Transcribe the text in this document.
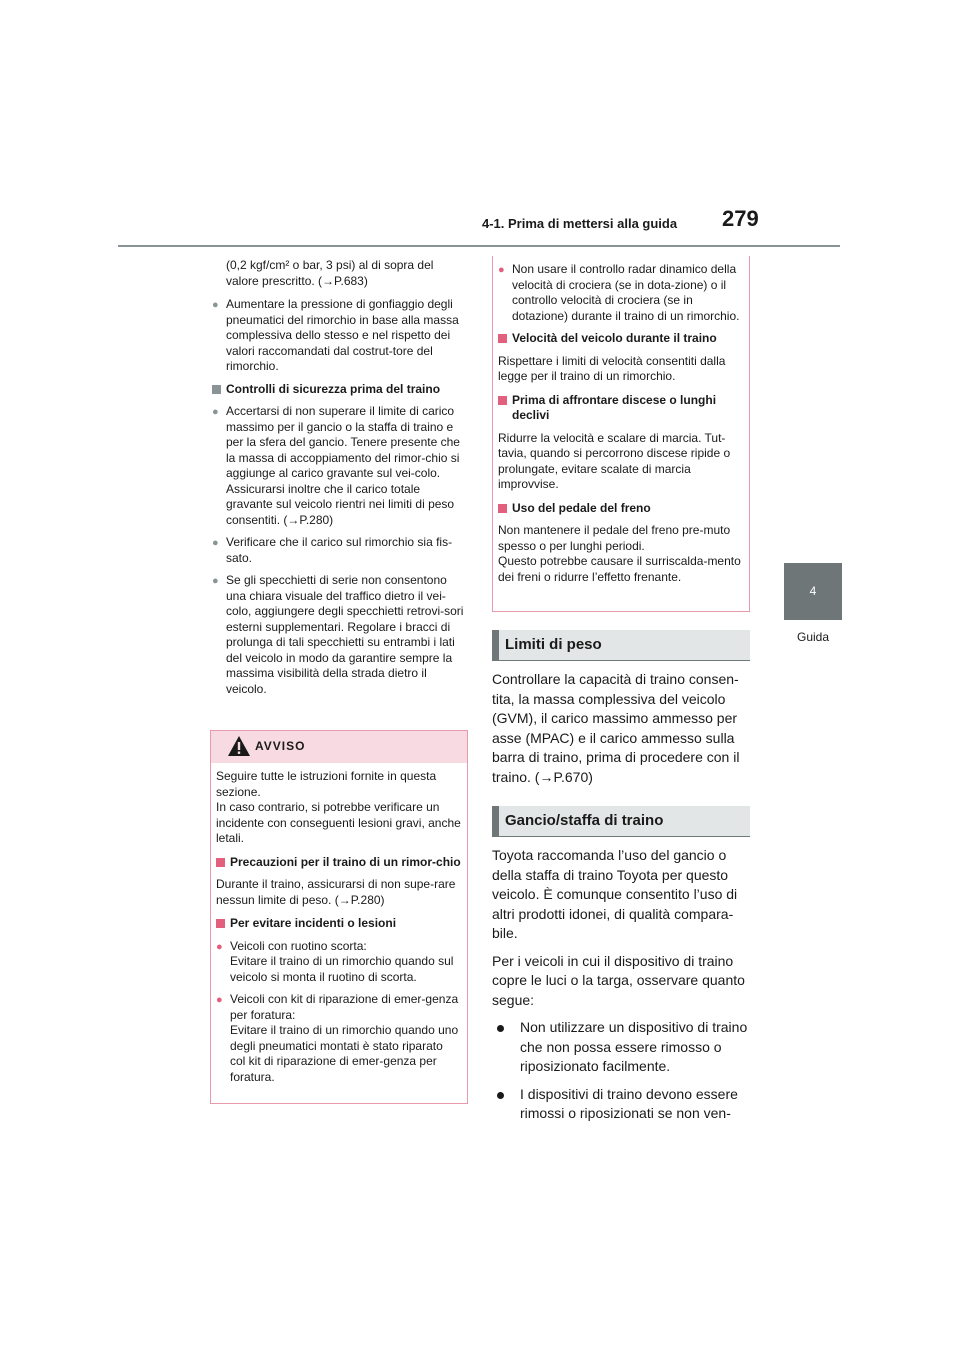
4-1. Prima di mettersi alla guida 279
4
Guida

(0,2 kgf/cm² o bar, 3 psi) al di sopra del valore prescritto. (→P.683)

● Aumentare la pressione di gonfiaggio degli pneumatici del rimorchio in base alla massa complessiva dello stesso e nel rispetto dei valori raccomandati dal costrut-tore del rimorchio.
Controlli di sicurezza prima del traino
● Accertarsi di non superare il limite di carico massimo per il gancio o la staffa di traino e per la sfera del gancio. Tenere presente che la massa di accoppiamento del rimor-chio si aggiunge al carico gravante sul vei-colo. Assicurarsi inoltre che il carico totale gravante sul veicolo rientri nei limiti di peso consentiti. (→P.280)
● Verificare che il carico sul rimorchio sia fis-sato.
● Se gli specchietti di serie non consentono una chiara visuale del traffico dietro il vei-colo, aggiungere degli specchietti retrovi-sori esterni supplementari. Regolare i bracci di prolunga di tali specchietti su entrambi i lati del veicolo in modo da garantire sempre la massima visibilità della strada dietro il veicolo.
AVVISO

Seguire tutte le istruzioni fornite in questa sezione.
In caso contrario, si potrebbe verificare un incidente con conseguenti lesioni gravi, anche letali.

Precauzioni per il traino di un rimor-chio

Durante il traino, assicurarsi di non supe-rare nessun limite di peso. (→P.280)

Per evitare incidenti o lesioni
● Veicoli con ruotino scorta:
Evitare il traino di un rimorchio quando sul veicolo si monta il ruotino di scorta.
● Veicoli con kit di riparazione di emer-genza per foratura:
Evitare il traino di un rimorchio quando uno degli pneumatici montati è stato riparato col kit di riparazione di emer-genza per foratura.
● Non usare il controllo radar dinamico della velocità di crociera (se in dota-zione) o il controllo velocità di crociera (se in dotazione) durante il traino di un rimorchio.
Velocità del veicolo durante il traino

Rispettare i limiti di velocità consentiti dalla legge per il traino di un rimorchio.

Prima di affrontare discese o lunghi declivi

Ridurre la velocità e scalare di marcia. Tut-tavia, quando si percorrono discese ripide o prolungate, evitare scalate di marcia improvvise.

Uso del pedale del freno

Non mantenere il pedale del freno pre-muto spesso o per lunghi periodi.
Questo potrebbe causare il surriscalda-mento dei freni o ridurre l’effetto frenante.

Limiti di peso

Controllare la capacità di traino consen-tita, la massa complessiva del veicolo (GVM), il carico massimo ammesso per asse (MPAC) e il carico ammesso sulla barra di traino, prima di procedere con il traino. (→P.670)

Gancio/staffa di traino

Toyota raccomanda l’uso del gancio o della staffa di traino Toyota per questo veicolo. È comunque consentito l’uso di altri prodotti idonei, di qualità compara-bile.

Per i veicoli in cui il dispositivo di traino copre le luci o la targa, osservare quanto segue:

Non utilizzare un dispositivo di traino che non possa essere rimosso o riposizionato facilmente.
I dispositivi di traino devono essere rimossi o riposizionati se non ven-
